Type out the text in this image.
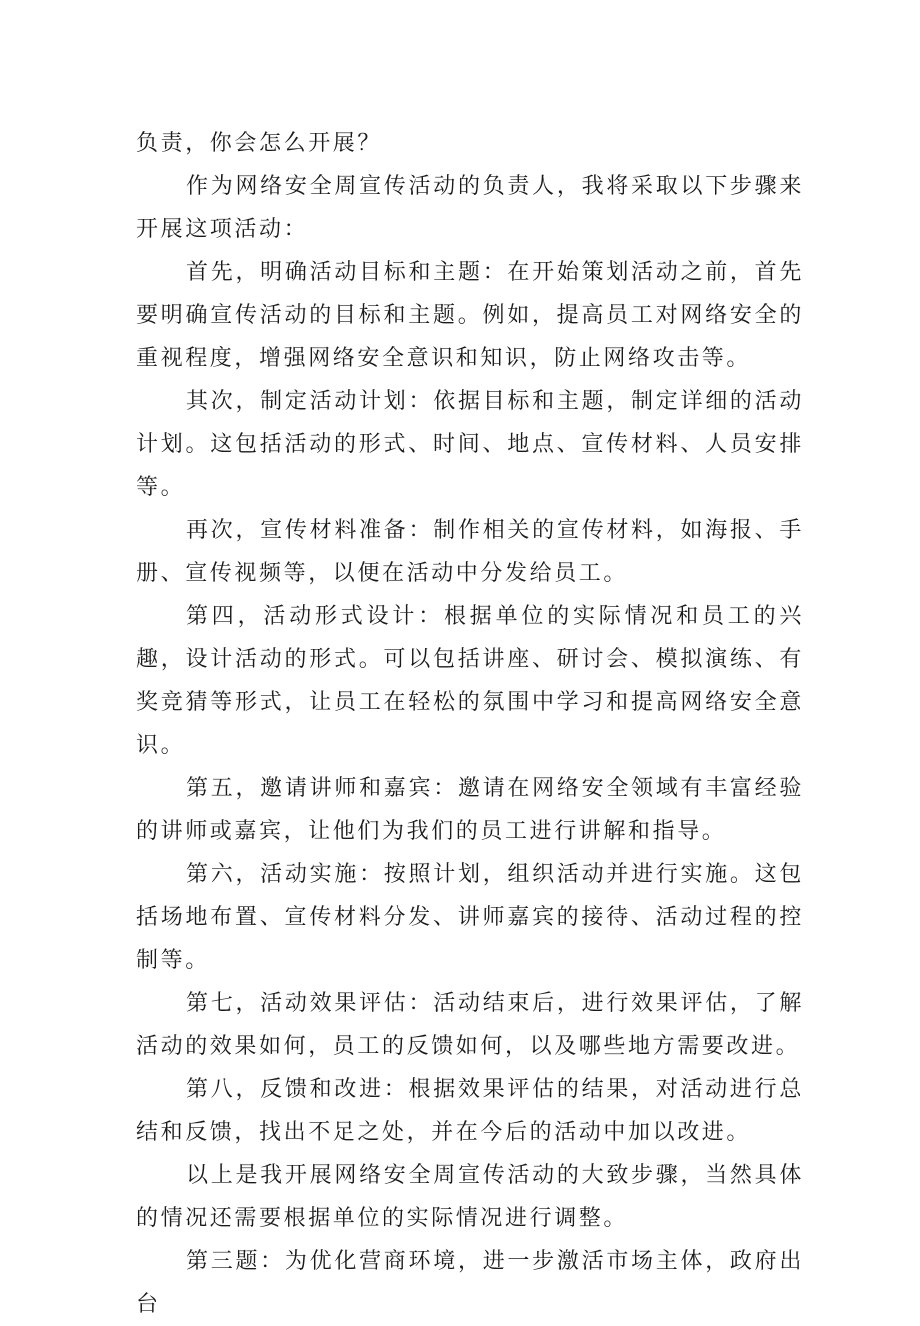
负责，你会怎么开展？

作为网络安全周宣传活动的负责人，我将采取以下步骤来开展这项活动：

首先，明确活动目标和主题：在开始策划活动之前，首先要明确宣传活动的目标和主题。例如，提高员工对网络安全的重视程度，增强网络安全意识和知识，防止网络攻击等。

其次，制定活动计划：依据目标和主题，制定详细的活动计划。这包括活动的形式、时间、地点、宣传材料、人员安排等。

再次，宣传材料准备：制作相关的宣传材料，如海报、手册、宣传视频等，以便在活动中分发给员工。

第四，活动形式设计：根据单位的实际情况和员工的兴趣，设计活动的形式。可以包括讲座、研讨会、模拟演练、有奖竞猜等形式，让员工在轻松的氛围中学习和提高网络安全意识。

第五，邀请讲师和嘉宾：邀请在网络安全领域有丰富经验的讲师或嘉宾，让他们为我们的员工进行讲解和指导。

第六，活动实施：按照计划，组织活动并进行实施。这包括场地布置、宣传材料分发、讲师嘉宾的接待、活动过程的控制等。

第七，活动效果评估：活动结束后，进行效果评估，了解活动的效果如何，员工的反馈如何，以及哪些地方需要改进。

第八，反馈和改进：根据效果评估的结果，对活动进行总结和反馈，找出不足之处，并在今后的活动中加以改进。

以上是我开展网络安全周宣传活动的大致步骤，当然具体的情况还需要根据单位的实际情况进行调整。

第三题：为优化营商环境，进一步激活市场主体，政府出台
